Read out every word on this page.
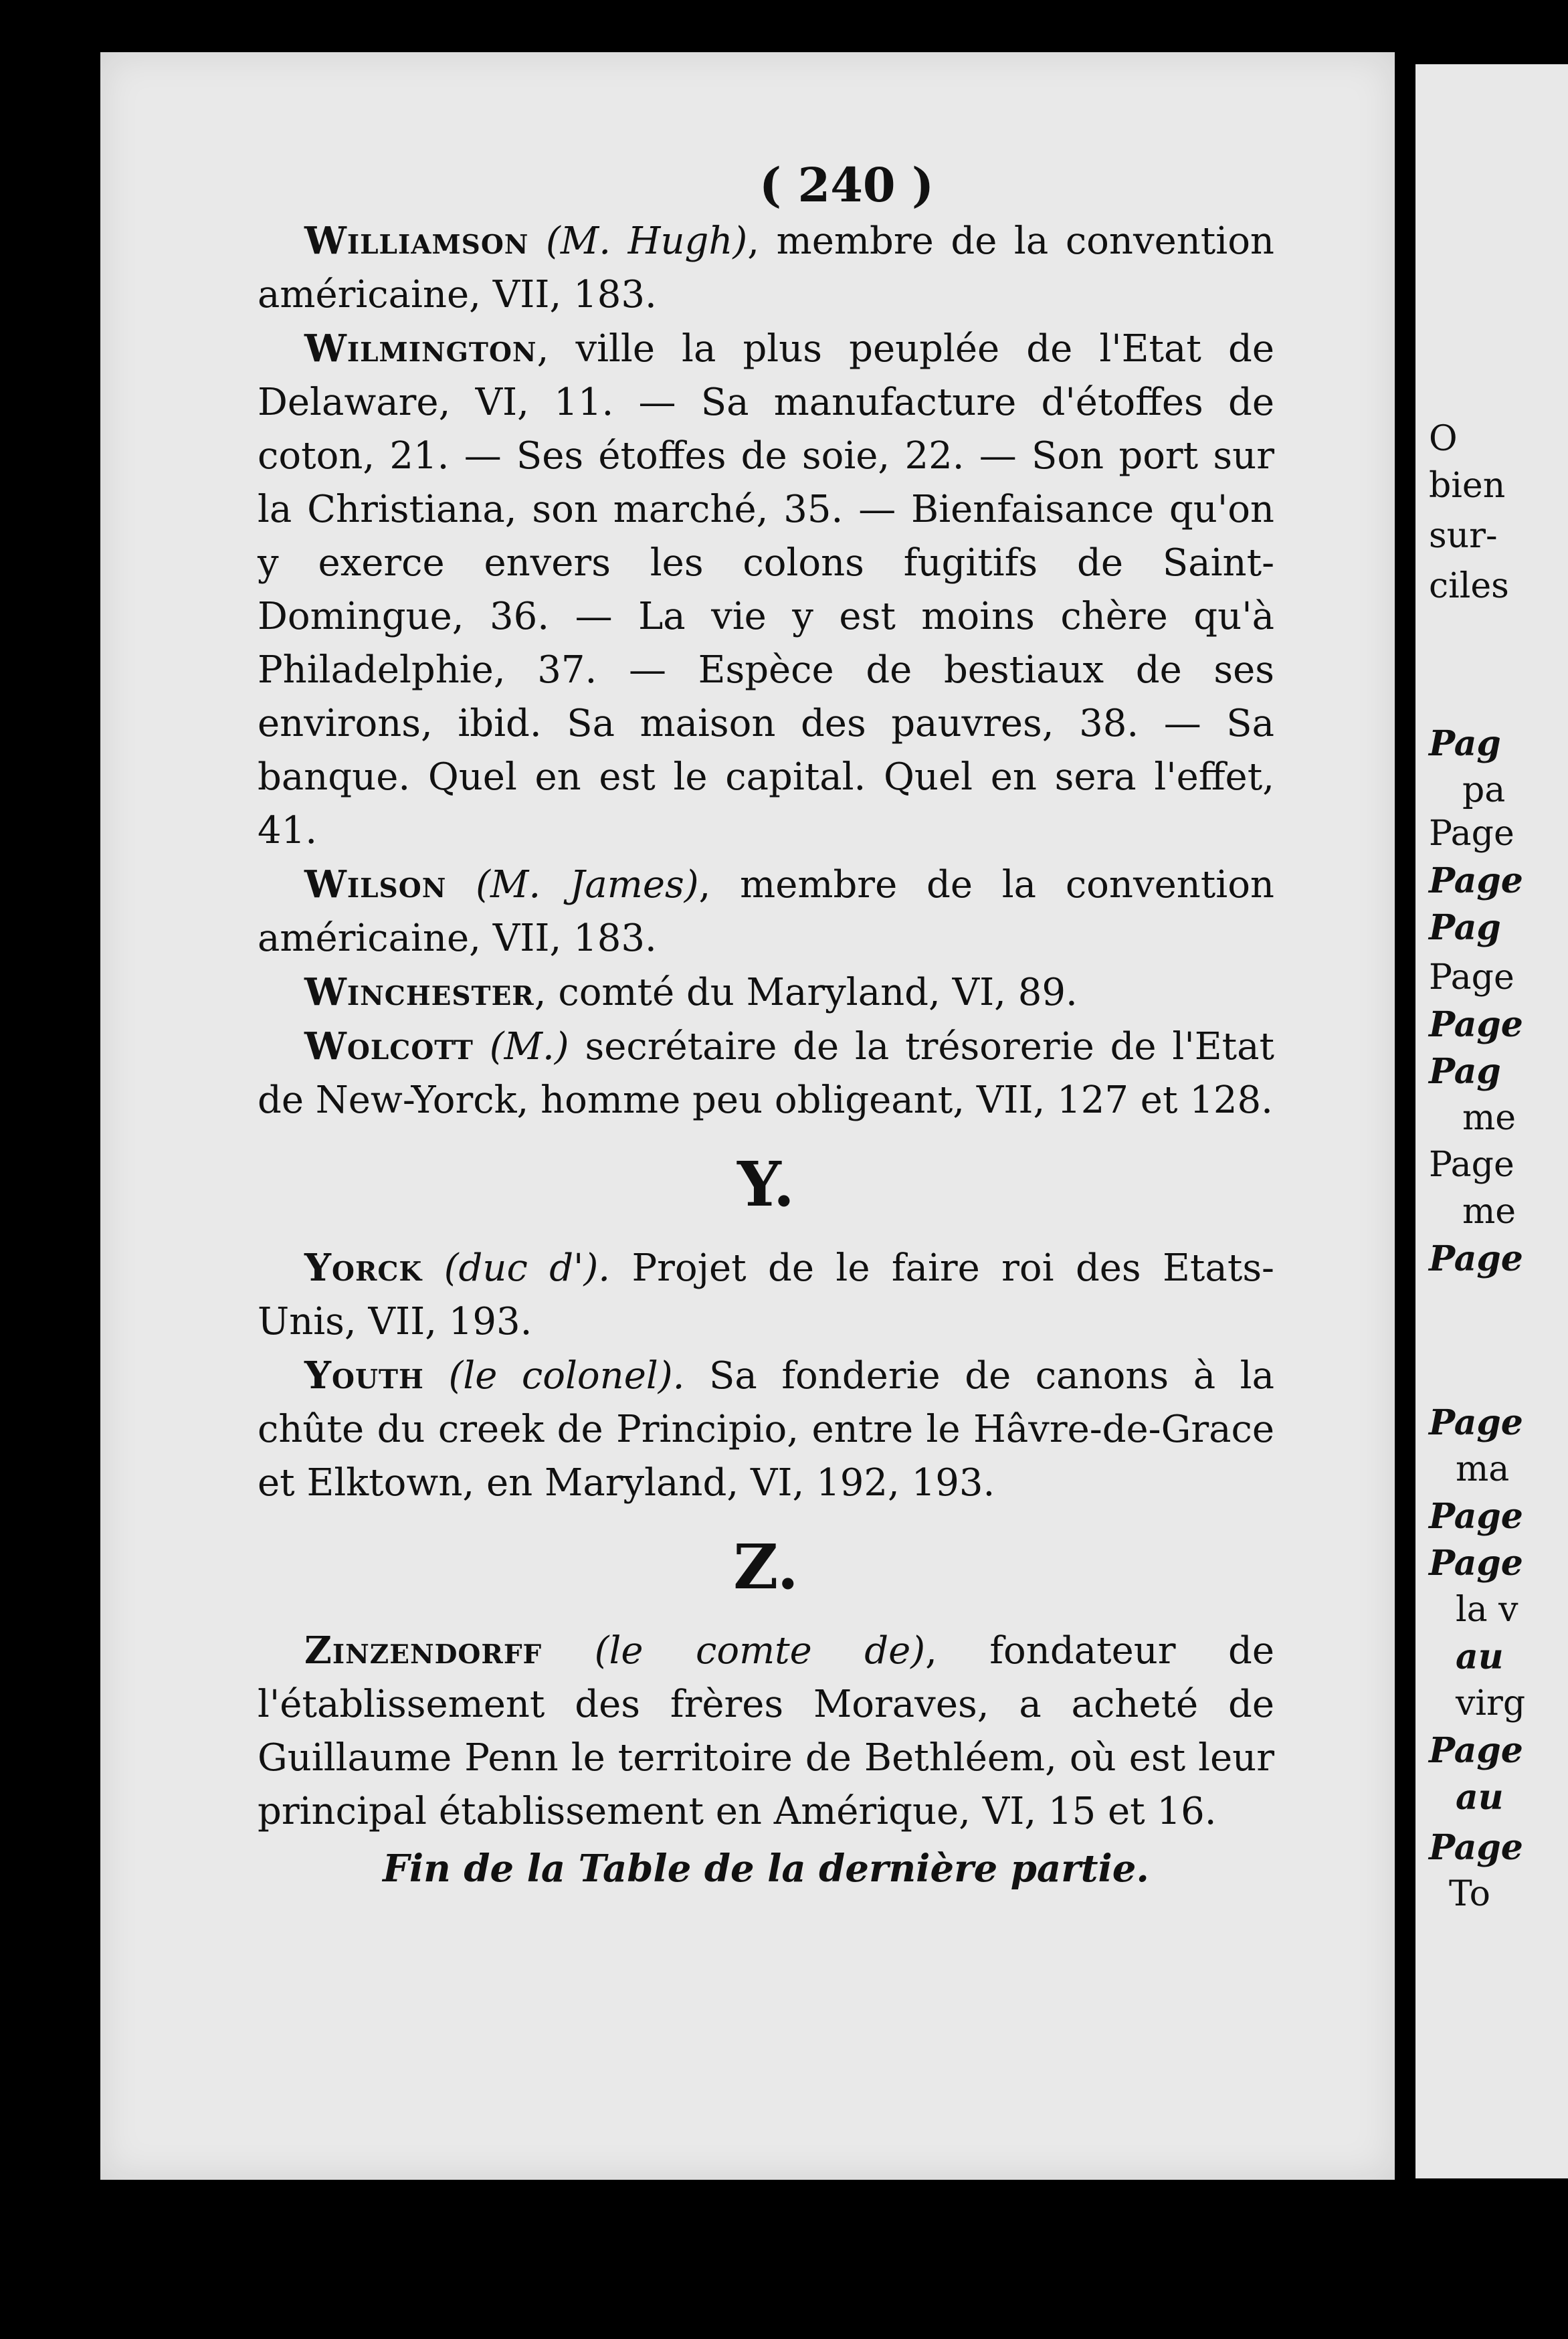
O
bien
sur-
ciles
Pag
pa
Page
Page
Pag
Page
Page
Pag
me
Page
me
Page
Page
ma
Page
Page
la v
au
virg
Page
au
Page
To
( 240 )

Williamson (M. Hugh), membre de la convention américaine, VII, 183.

Wilmington, ville la plus peuplée de l'Etat de Delaware, VI, 11. — Sa manufacture d'étoffes de coton, 21. — Ses étoffes de soie, 22. — Son port sur la Christiana, son marché, 35. — Bienfaisance qu'on y exerce envers les colons fugitifs de Saint-Domingue, 36. — La vie y est moins chère qu'à Philadelphie, 37. — Espèce de bestiaux de ses environs, ibid. Sa maison des pauvres, 38. — Sa banque. Quel en est le capital. Quel en sera l'effet, 41.

Wilson (M. James), membre de la convention américaine, VII, 183.

Winchester, comté du Maryland, VI, 89.

Wolcott (M.) secrétaire de la trésorerie de l'Etat de New-Yorck, homme peu obligeant, VII, 127 et 128.

Y.

Yorck (duc d'). Projet de le faire roi des Etats-Unis, VII, 193.

Youth (le colonel). Sa fonderie de canons à la chûte du creek de Principio, entre le Hâvre-de-Grace et Elktown, en Maryland, VI, 192, 193.

Z.

Zinzendorff (le comte de), fondateur de l'établissement des frères Moraves, a acheté de Guillaume Penn le territoire de Bethléem, où est leur principal établissement en Amérique, VI, 15 et 16.

Fin de la Table de la dernière partie.
